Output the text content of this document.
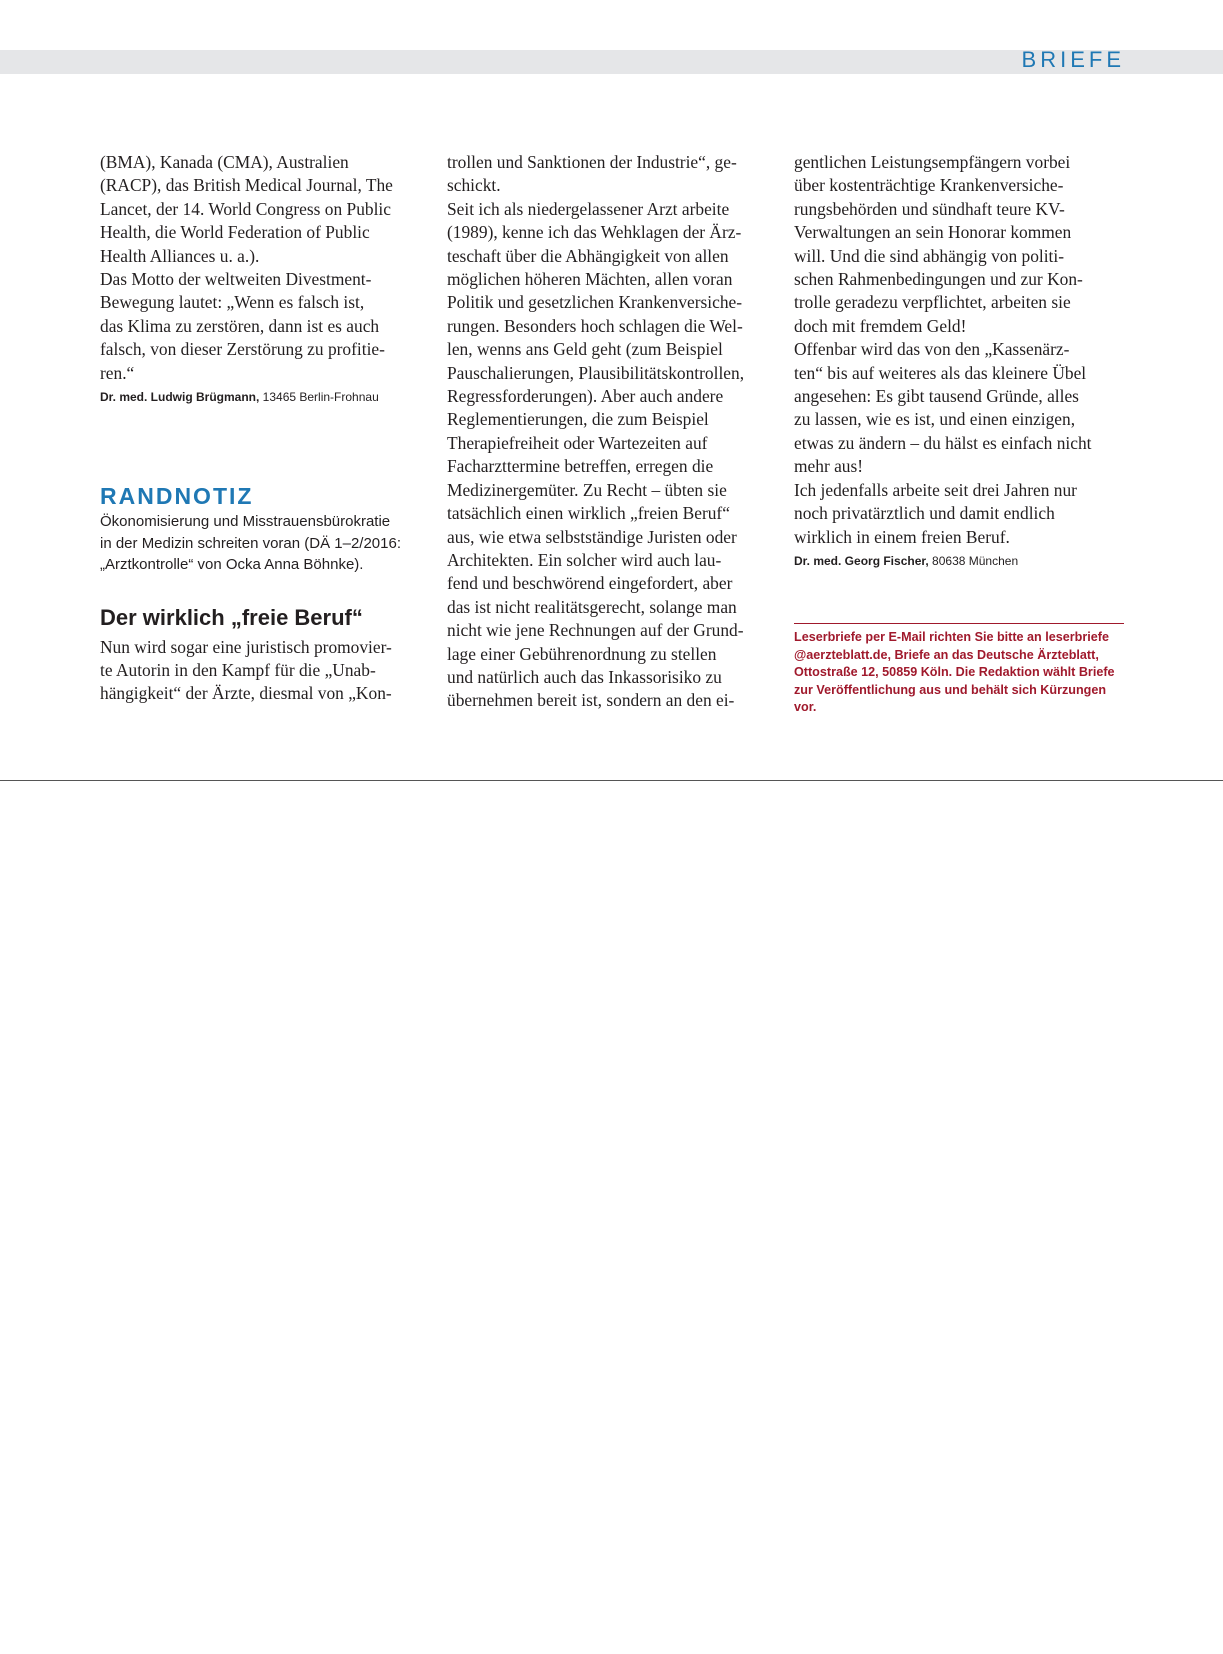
BRIEFE

(BMA), Kanada (CMA), Australien
(RACP), das British Medical Journal, The
Lancet, der 14. World Congress on Public
Health, die World Federation of Public
Health Alliances u. a.).
Das Motto der weltweiten Divestment-
Bewegung lautet: „Wenn es falsch ist,
das Klima zu zerstören, dann ist es auch
falsch, von dieser Zerstörung zu profitie-
ren.“

Dr. med. Ludwig Brügmann, 13465 Berlin-Frohnau

RANDNOTIZ

Ökonomisierung und Misstrauensbürokratie
in der Medizin schreiten voran (DÄ 1–2/2016:
„Arztkontrolle“ von Ocka Anna Böhnke).

Der wirklich „freie Beruf“

Nun wird sogar eine juristisch promovier-
te Autorin in den Kampf für die „Unab-
hängigkeit“ der Ärzte, diesmal von „Kon-

trollen und Sanktionen der Industrie“, ge-
schickt.
Seit ich als niedergelassener Arzt arbeite
(1989), kenne ich das Wehklagen der Ärz-
teschaft über die Abhängigkeit von allen
möglichen höheren Mächten, allen voran
Politik und gesetzlichen Krankenversiche-
rungen. Besonders hoch schlagen die Wel-
len, wenns ans Geld geht (zum Beispiel
Pauschalierungen, Plausibilitätskontrollen,
Regressforderungen). Aber auch andere
Reglementierungen, die zum Beispiel
Therapiefreiheit oder Wartezeiten auf
Facharzttermine betreffen, erregen die
Medizinergemüter. Zu Recht – übten sie
tatsächlich einen wirklich „freien Beruf“
aus, wie etwa selbstständige Juristen oder
Architekten. Ein solcher wird auch lau-
fend und beschwörend eingefordert, aber
das ist nicht realitätsgerecht, solange man
nicht wie jene Rechnungen auf der Grund-
lage einer Gebührenordnung zu stellen
und natürlich auch das Inkassorisiko zu
übernehmen bereit ist, sondern an den ei-

gentlichen Leistungsempfängern vorbei
über kostenträchtige Krankenversiche-
rungsbehörden und sündhaft teure KV-
Verwaltungen an sein Honorar kommen
will. Und die sind abhängig von politi-
schen Rahmenbedingungen und zur Kon-
trolle geradezu verpflichtet, arbeiten sie
doch mit fremdem Geld!
Offenbar wird das von den „Kassenärz-
ten“ bis auf weiteres als das kleinere Übel
angesehen: Es gibt tausend Gründe, alles
zu lassen, wie es ist, und einen einzigen,
etwas zu ändern – du hälst es einfach nicht
mehr aus!
Ich jedenfalls arbeite seit drei Jahren nur
noch privatärztlich und damit endlich
wirklich in einem freien Beruf.

Dr. med. Georg Fischer, 80638 München

Leserbriefe per E-Mail richten Sie bitte an leserbriefe
@aerzteblatt.de, Briefe an das Deutsche Ärzteblatt,
Ottostraße 12, 50859 Köln. Die Redaktion wählt Briefe
zur Veröffentlichung aus und behält sich Kürzungen vor.
